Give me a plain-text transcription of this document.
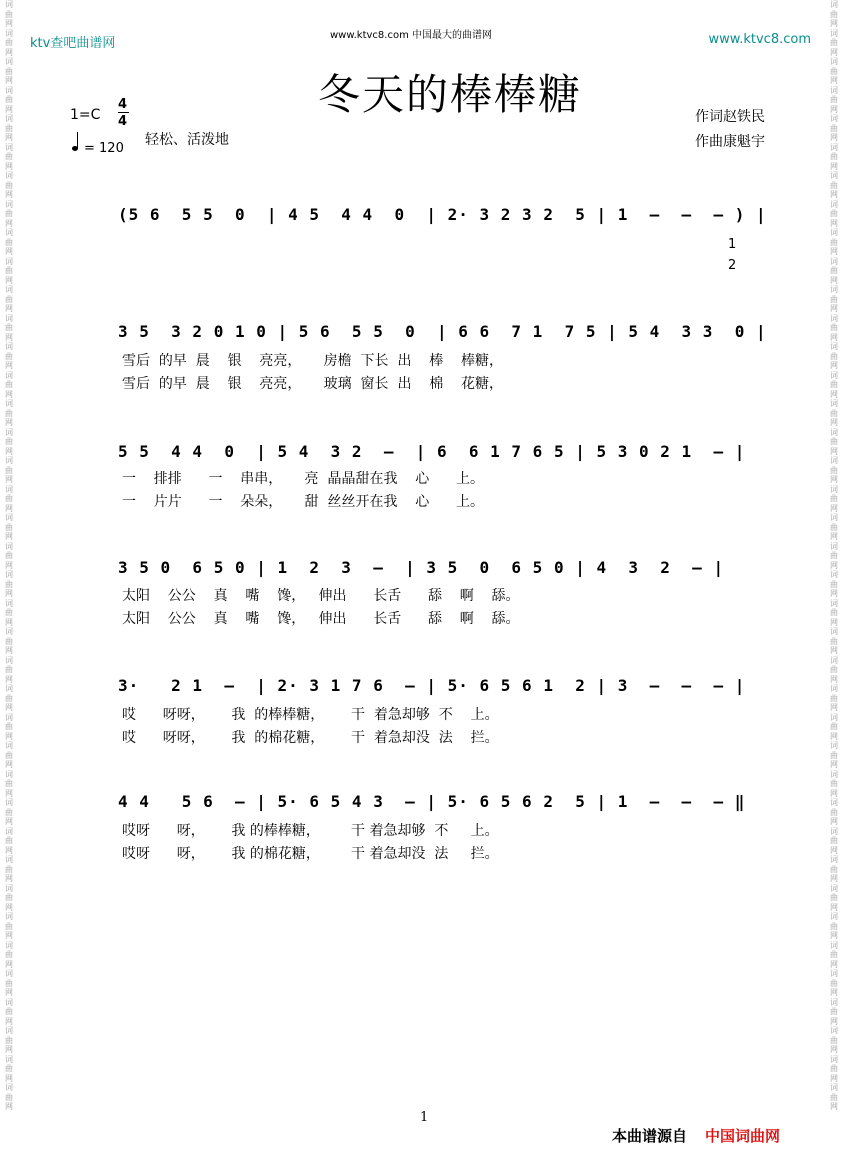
词曲网词曲网词曲网词曲网词曲网词曲网词曲网词曲网词曲网词曲网词曲网词曲网词曲网词曲网词曲网词曲网词曲网词曲网词曲网词曲网词曲网词曲网词曲网词曲网词曲网词曲网词曲网词曲网词曲网词曲网词曲网词曲网词曲网词曲网词曲网词曲网词曲网词曲网词曲网
词曲网词曲网词曲网词曲网词曲网词曲网词曲网词曲网词曲网词曲网词曲网词曲网词曲网词曲网词曲网词曲网词曲网词曲网词曲网词曲网词曲网词曲网词曲网词曲网词曲网词曲网词曲网词曲网词曲网词曲网词曲网词曲网词曲网词曲网词曲网词曲网词曲网词曲网词曲网
ktv查吧曲谱网
www.ktvc8.com 中国最大的曲谱网	www.ktvc8.com
冬天的棒棒糖
1=C
4
4
= 120
轻松、活泼地
作词赵铁民
作曲康魁宇
(5 6  5 5  0  | 4 5  4 4  0  | 2· 3 2 3 2  5 | 1  –  –  – ) |
1
2
3 5  3 2 0 1 0 | 5 6  5 5  0  | 6 6  7 1  7 5 | 5 4  3 3  0 |
雪后  的早  晨    银    亮亮，     房檐  下长  出    棒    棒糖，
雪后  的早  晨    银    亮亮，     玻璃  窗长  出    棉    花糖，
5 5  4 4  0  | 5 4  3 2  –  | 6  6 1 7 6 5 | 5 3 0 2 1  – |
一    排排      一    串串，     亮  晶晶甜在我    心      上。
一    片片      一    朵朵，     甜  丝丝开在我    心      上。
3 5 0  6 5 0 | 1  2  3  –  | 3 5  0  6 5 0 | 4  3  2  – |
太阳    公公    真    嘴    馋，   伸出      长舌      舔    啊    舔。
太阳    公公    真    嘴    馋，   伸出      长舌      舔    啊    舔。
3·   2 1  –  | 2· 3 1 7 6  – | 5· 6 5 6 1  2 | 3  –  –  – |
哎      呀呀，      我  的棒棒糖，      干  着急却够  不    上。
哎      呀呀，      我  的棉花糖，      干  着急却没  法    拦。
4 4   5 6  – | 5· 6 5 4 3  – | 5· 6 5 6 2  5 | 1  –  –  – ‖
哎呀      呀，      我 的棒棒糖，       干 着急却够  不     上。
哎呀      呀，      我 的棉花糖，       干 着急却没  法     拦。
1
本曲谱源自 中国词曲网
